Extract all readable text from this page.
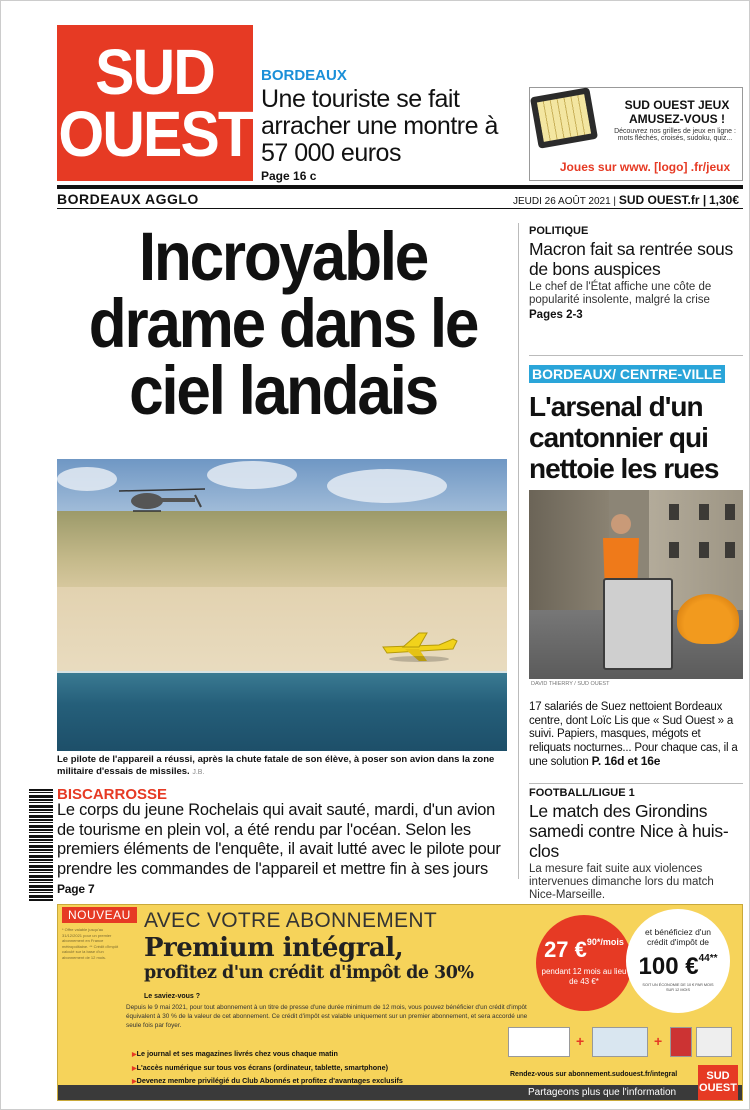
SUD
OUEST
BORDEAUX
Une touriste se fait arracher une montre à 57 000 euros
Page 16 c
SUD OUEST JEUX AMUSEZ-VOUS !
Découvrez nos grilles de jeux en ligne : mots fléchés, croisés, sudoku, quiz...
Joues sur www. [logo] .fr/jeux
BORDEAUX AGGLO	JEUDI 26 AOÛT 2021 | SUD OUEST.fr | 1,30€
Incroyable drame dans le ciel landais
Le pilote de l'appareil a réussi, après la chute fatale de son élève, à poser son avion dans la zone militaire d'essais de missiles. J.B.
BISCARROSSE
Le corps du jeune Rochelais qui avait sauté, mardi, d'un avion de tourisme en plein vol, a été rendu par l'océan. Selon les premiers éléments de l'enquête, il avait lutté avec le pilote pour prendre les commandes de l'appareil et mettre fin à ses jours Page 7
POLITIQUE
Macron fait sa rentrée sous de bons auspices
Le chef de l'État affiche une côte de popularité insolente, malgré la crise
Pages 2-3
BORDEAUX/ CENTRE-VILLE
L'arsenal d'un cantonnier qui nettoie les rues
DAVID THIERRY / SUD OUEST
17 salariés de Suez nettoient Bordeaux centre, dont Loïc Lis que « Sud Ouest » a suivi. Papiers, masques, mégots et reliquats nocturnes... Pour chaque cas, il a une solution P. 16d et 16e
FOOTBALL/LIGUE 1
Le match des Girondins samedi contre Nice à huis-clos
La mesure fait suite aux violences intervenues dimanche lors du match Nice-Marseille.
NOUVEAU
* Offre valable jusqu'au 31/12/2021 pour un premier abonnement en France métropolitaine. ** Crédit d'impôt calculé sur la base d'un abonnement de 12 mois.
AVEC VOTRE ABONNEMENT
Premium intégral,
profitez d'un crédit d'impôt de 30%
Le saviez-vous ?
Depuis le 9 mai 2021, pour tout abonnement à un titre de presse d'une durée minimum de 12 mois, vous pouvez bénéficier d'un crédit d'impôt équivalent à 30 % de la valeur de cet abonnement. Ce crédit d'impôt est valable uniquement sur un premier abonnement, et sera accordé une seule fois par foyer.
▶ Le journal et ses magazines livrés chez vous chaque matin
▶ L'accès numérique sur tous vos écrans (ordinateur, tablette, smartphone)
▶ Devenez membre privilégié du Club Abonnés et profitez d'avantages exclusifs
27 €$^{90*/mois}$
pendant 12 mois au lieu de 43 €*
et bénéficiez d'un crédit d'impôt de
100 €$^{44**}$
SOIT UN ÉCONOMIE DE 10 € PAR MOIS SUR 12 MOIS
+	+
Rendez-vous sur abonnement.sudouest.fr/integral
Partageons plus que l'information
SUD OUEST
